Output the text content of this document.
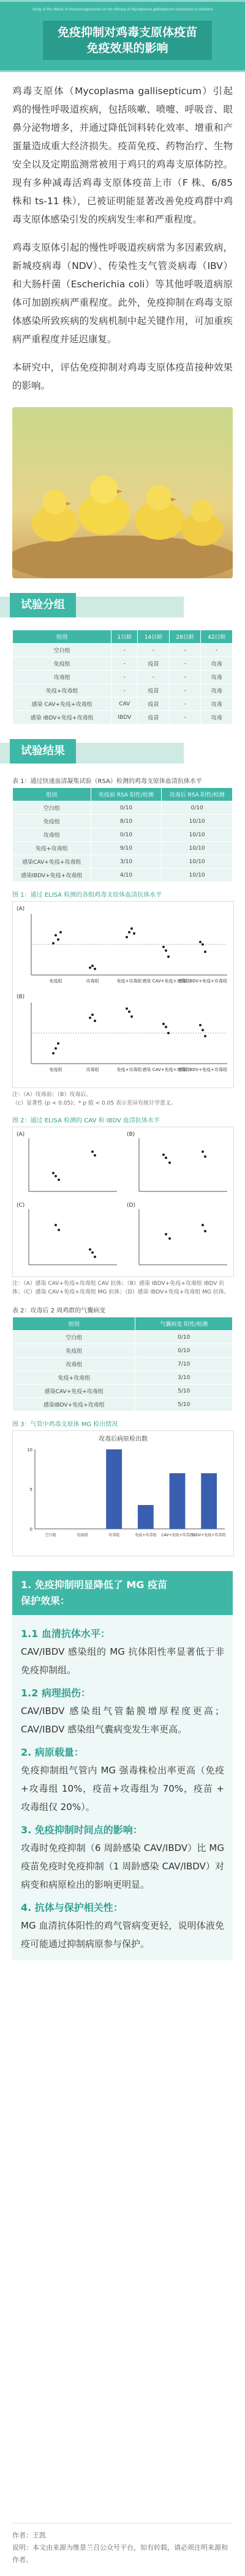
Study of the effects of immunosuppression on the efficacy of Mycoplasma gallisepticum vaccination in chickens
免疫抑制对鸡毒支原体疫苗
免疫效果的影响

鸡毒支原体（Mycoplasma gallisepticum）引起鸡的慢性呼吸道疾病，包括咳嗽、喷嚏、呼吸音、眼鼻分泌物增多，并通过降低饲料转化效率、增重和产蛋量造成重大经济损失。疫苗免疫、药物治疗、生物安全以及定期监测常被用于鸡只的鸡毒支原体防控。现有多种减毒活鸡毒支原体疫苗上市（F 株、6/85 株和 ts-11 株），已被证明能显著改善免疫鸡群中鸡毒支原体感染引发的疾病发生率和严重程度。

鸡毒支原体引起的慢性呼吸道疾病常为多因素致病，新城疫病毒（NDV）、传染性支气管炎病毒（IBV）和大肠杆菌（Escherichia coli）等其他呼吸道病原体可加剧疾病严重程度。此外，免疫抑制在鸡毒支原体感染所致疾病的发病机制中起关键作用，可加重疾病严重程度并延迟康复。

本研究中，评估免疫抑制对鸡毒支原体疫苗接种效果的影响。

试验分组
组别	1日龄	14日龄	28日龄	42日龄
空白组	-	-	-	-
免疫组	-	疫苗	-	攻毒
攻毒组	-	-	-	攻毒
免疫+攻毒组	-	疫苗	-	攻毒
感染 CAV+免疫+攻毒组	CAV	疫苗	-	攻毒
感染 IBDV+免疫+攻毒组	IBDV	疫苗	-	攻毒
试验结果
表 1：通过快速血清凝集试验（RSA）检测的鸡毒支原体血清抗体水平
组别	免疫前 RSA 阳性/检测	攻毒后 RSA 阳性/检测
空白组	0/10	0/10
免疫组	8/10	10/10
攻毒组	0/10	10/10
免疫+攻毒组	9/10	10/10
感染CAV+免疫+攻毒组	3/10	10/10
感染IBDV+免疫+攻毒组	4/10	10/10
图 1：通过 ELISA 检测的各组鸡毒支原体血清抗体水平
(A)
免疫组	攻毒组	免疫+攻毒组 感染 CAV+免疫+攻毒组
感染 IBDV+免疫+攻毒组
(B)
免疫组	攻毒组	免疫+攻毒组 感染 CAV+免疫+攻毒组
感染 IBDV+免疫+攻毒组
注：（A）攻毒前；（B）攻毒后。
（c）显著性 (p < 0.05)；* p 值 < 0.05 表示差异有统计学意义。
图 2：通过 ELISA 检测的 CAV 和 IBDV 血清抗体水平
(A)	(B)
(C)	(D)
注：（A）感染 CAV+免疫+攻毒组 CAV 抗体；（B）感染 IBDV+免疫+攻毒组 IBDV 抗体；（C）感染 CAV+免疫+攻毒组 MG 抗体；（D）感染 IBDV+免疫+攻毒组 MG 抗体。
表 2：攻毒后 2 周鸡群的气囊病变
组别	气囊病变 阳性/检测
空白组	0/10
免疫组	0/10
攻毒组	7/10
免疫+攻毒组	3/10
感染CAV+免疫+攻毒组	5/10
感染IBDV+免疫+攻毒组	5/10
图 3：气管中鸡毒支原体 MG 检出情况
攻毒后病原检出数
0
5
10
空白组	免疫组	攻毒组	免疫+攻毒组 CAV+免疫+攻毒组
IBDV+免疫+攻毒组
1. 免疫抑制明显降低了 MG 疫苗
保护效果：
1.1 血清抗体水平：

CAV/IBDV 感染组的 MG 抗体阳性率显著低于非免疫抑制组。

1.2 病理损伤：

CAV/IBDV 感染组气管黏膜增厚程度更高；CAV/IBDV 感染组气囊病变发生率更高。

2. 病原载量：

免疫抑制组气管内 MG 强毒株检出率更高（免疫+攻毒组 10%，疫苗+攻毒组为 70%，疫苗 + 攻毒组仅 20%）。

3. 免疫抑制时间点的影响：

攻毒时免疫抑制（6 周龄感染 CAV/IBDV）比 MG 疫苗免疫时免疫抑制（1 周龄感染 CAV/IBDV）对病变和病原检出的影响更明显。

4. 抗体与保护相关性：

MG 血清抗体阳性的鸡气管病变更轻，说明体液免疫可能通过抑制病原参与保护。

作者：王凯
说明：本文由来源为维景兰召公众号平台，如有转载，请必须注明来源和作者。
